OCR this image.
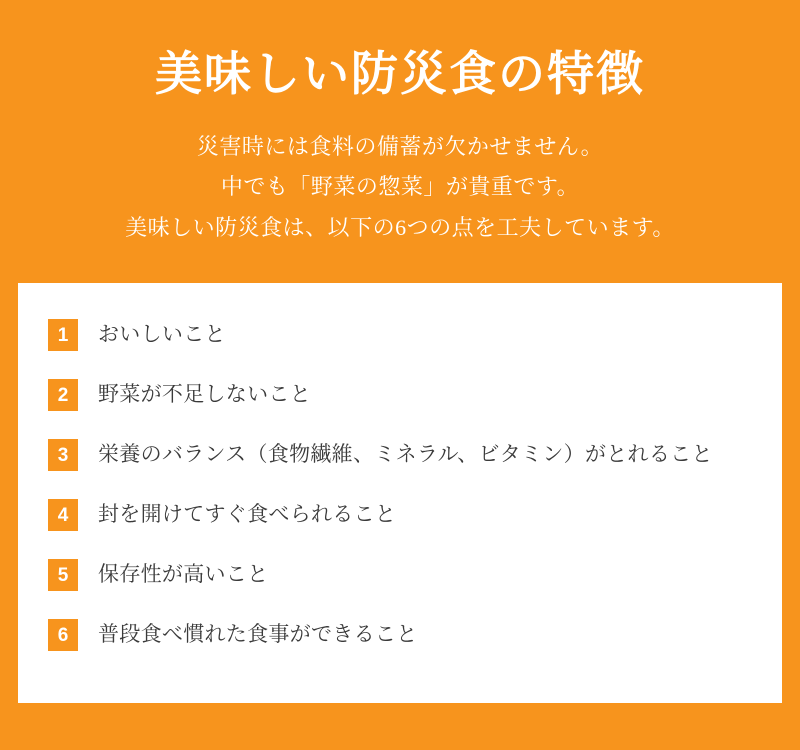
美味しい防災食の特徴
災害時には食料の備蓄が欠かせません。
中でも「野菜の惣菜」が貴重です。
美味しい防災食は、以下の6つの点を工夫しています。
1	おいしいこと
2	野菜が不足しないこと
3	栄養のバランス（食物繊維、ミネラル、ビタミン）がとれること
4	封を開けてすぐ食べられること
5	保存性が高いこと
6	普段食べ慣れた食事ができること
